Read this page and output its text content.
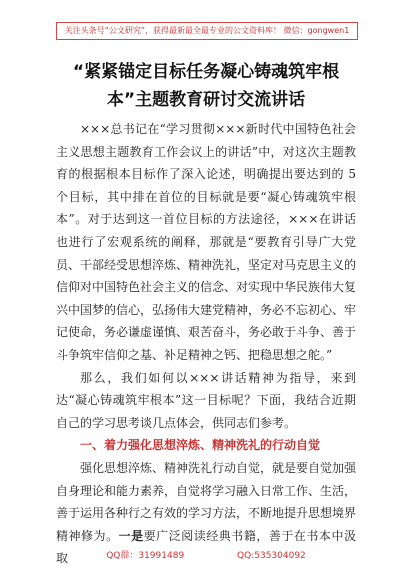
关注头条号“公文研究”，获得最新最全最专业的公文资料库！ 微信：gongwen1
“紧紧锚定目标任务凝心铸魂筑牢根本”主题教育研讨交流讲话

×××总书记在“学习贯彻×××新时代中国特色社会主义思想主题教育工作会议上的讲话”中，对这次主题教育的根据根本目标作了深入论述，明确提出要达到的 5 个目标，其中排在首位的目标就是要“凝心铸魂筑牢根本”。对于达到这一首位目标的方法途径，×××在讲话也进行了宏观系统的阐释，那就是“要教育引导广大党员、干部经受思想淬炼、精神洗礼，坚定对马克思主义的信仰对中国特色社会主义的信念、对实现中华民族伟大复兴中国梦的信心，弘扬伟大建党精神，务必不忘初心、牢记使命，务必谦虚谨慎、艰苦奋斗，务必敢于斗争、善于斗争筑牢信仰之基、补足精神之钙、把稳思想之舵。”

那么，我们如何以×××讲话精神为指导，来到达“凝心铸魂筑牢根本”这一目标呢？下面，我结合近期自己的学习思考谈几点体会，供同志们参考。

一、着力强化思想淬炼、精神洗礼的行动自觉

强化思想淬炼、精神洗礼行动自觉，就是要自觉加强自身理论和能力素养，自觉将学习融入日常工作、生活，善于运用各种行之有效的学习方法，不断地提升思想境界精神修为。一是要广泛阅读经典书籍，善于在书本中汲取	QQ群：31991489	QQ:535304092
